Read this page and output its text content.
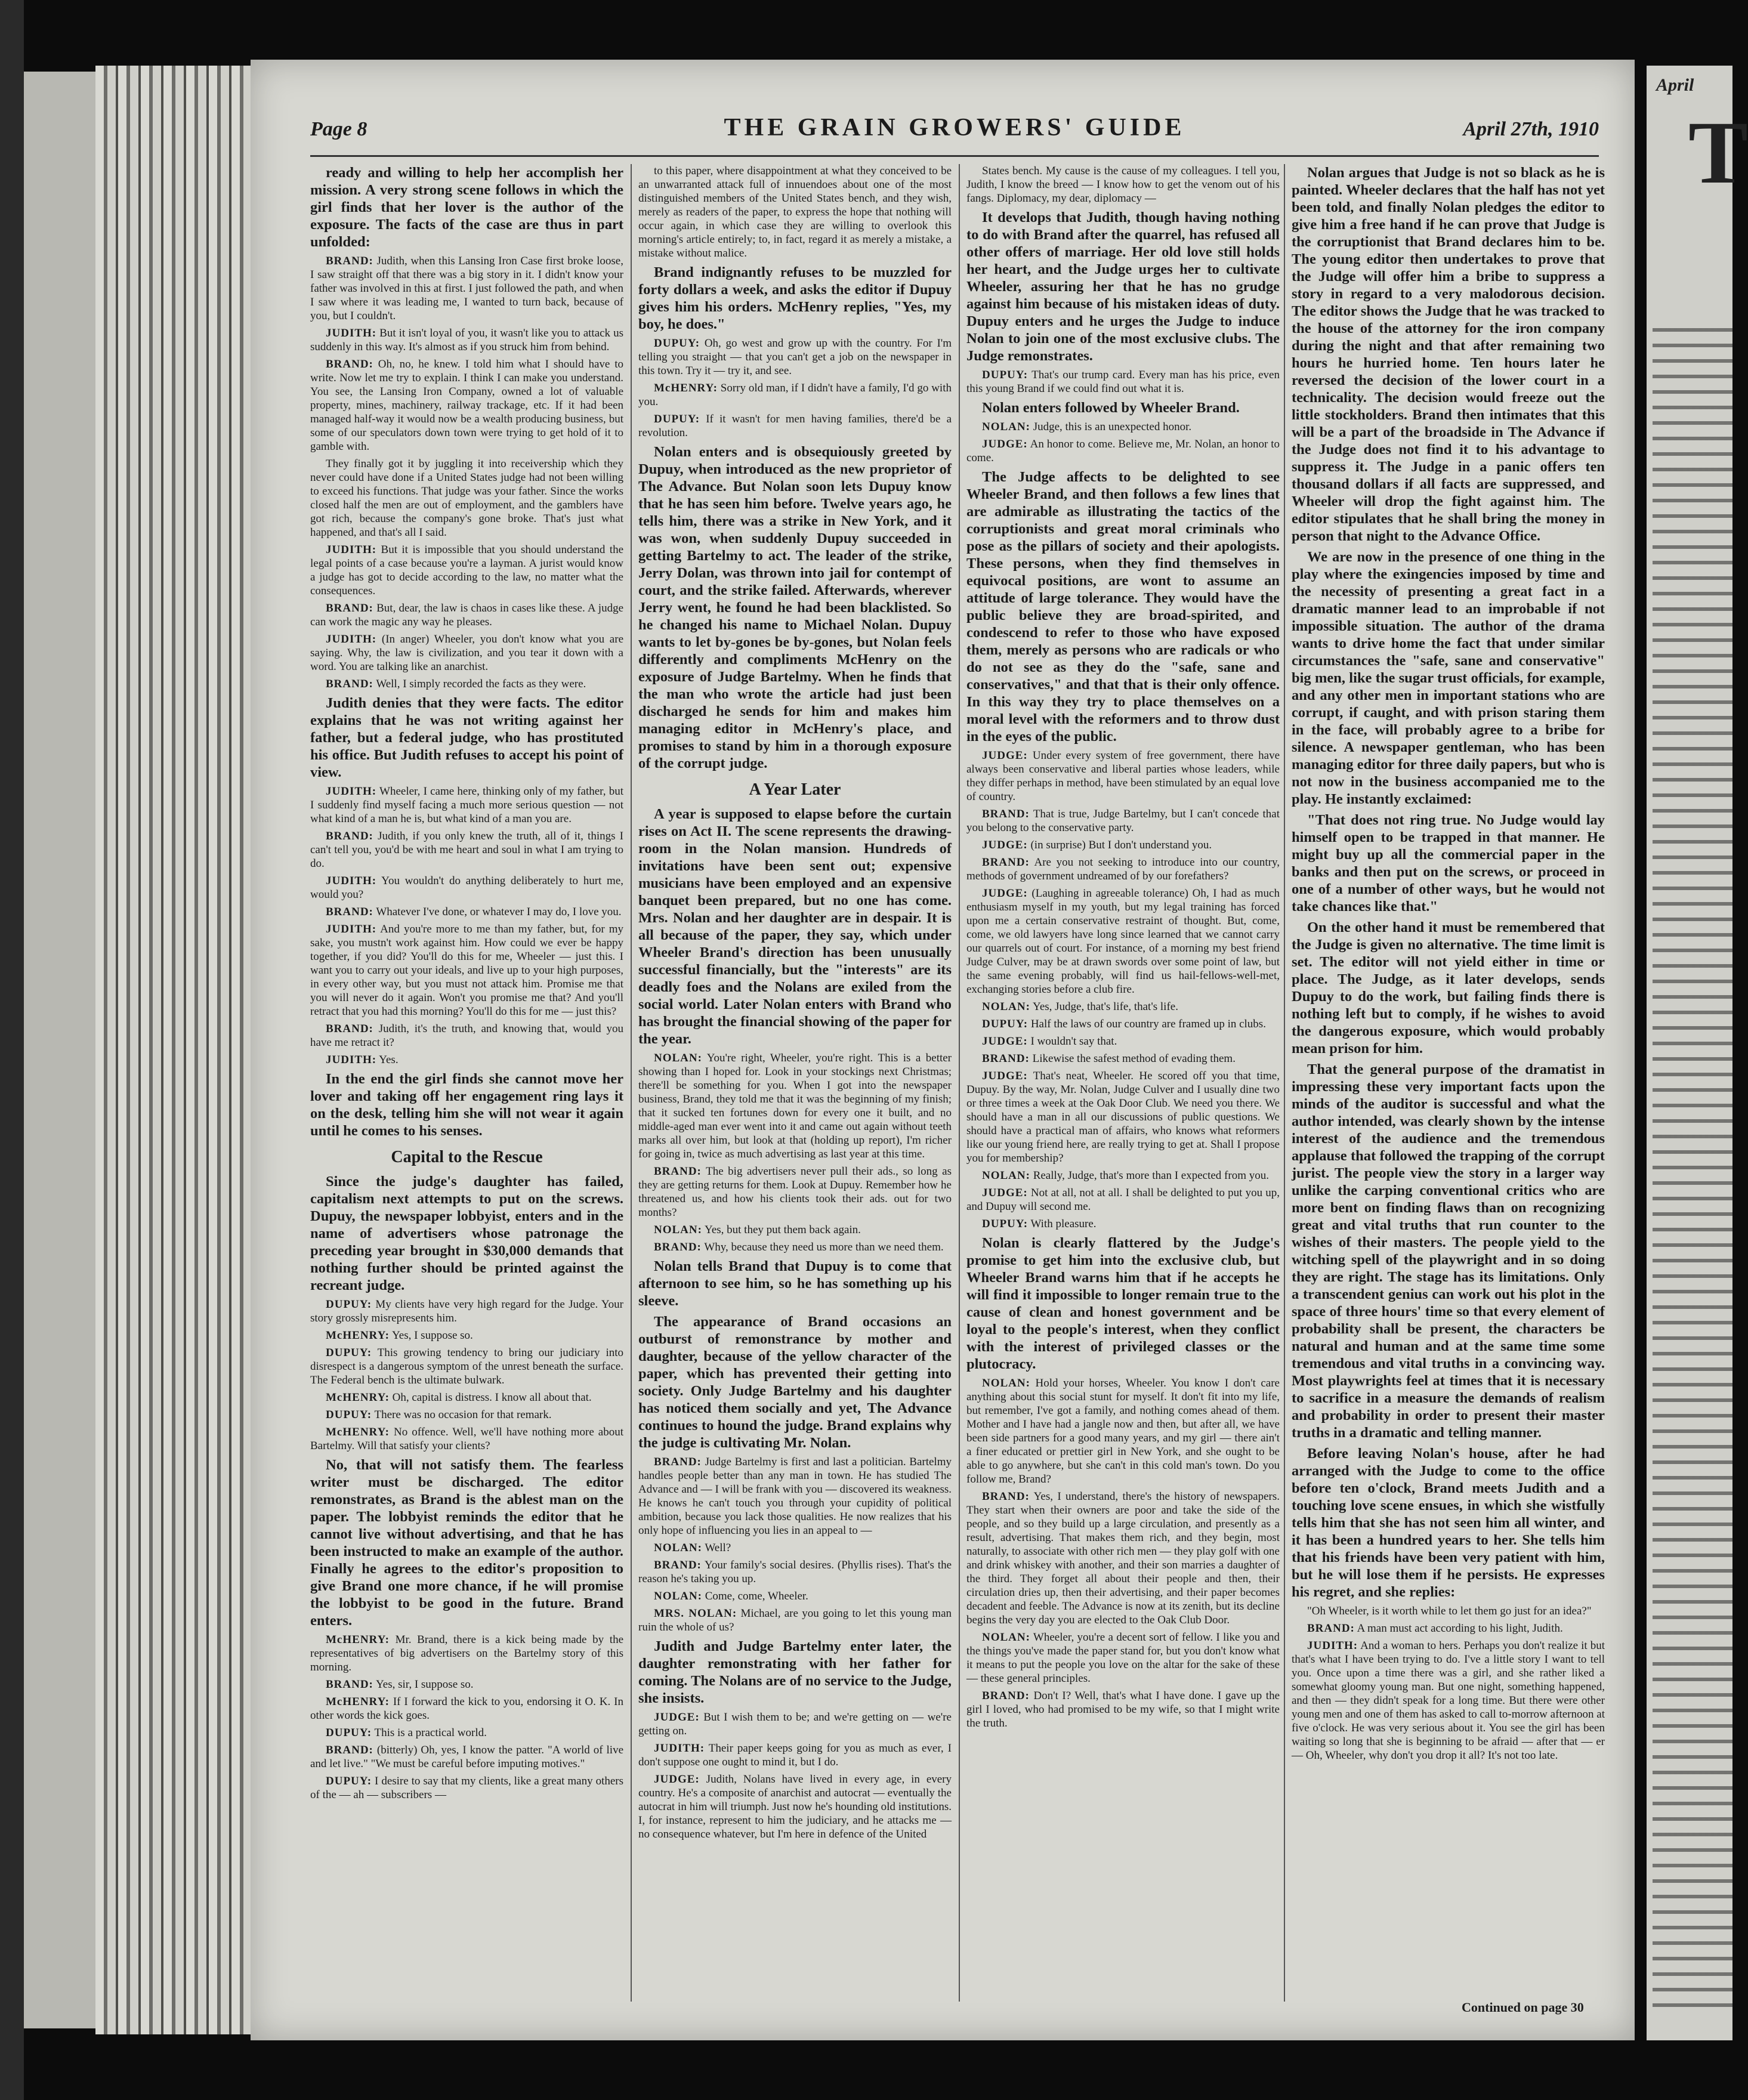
Page 8	THE GRAIN GROWERS' GUIDE	April 27th, 1910

ready and willing to help her accomplish her mission. A very strong scene follows in which the girl finds that her lover is the author of the exposure. The facts of the case are thus in part unfolded:

BRAND: Judith, when this Lansing Iron Case first broke loose, I saw straight off that there was a big story in it. I didn't know your father was involved in this at first. I just followed the path, and when I saw where it was leading me, I wanted to turn back, because of you, but I couldn't.

JUDITH: But it isn't loyal of you, it wasn't like you to attack us suddenly in this way. It's almost as if you struck him from behind.

BRAND: Oh, no, he knew. I told him what I should have to write. Now let me try to explain. I think I can make you understand. You see, the Lansing Iron Company, owned a lot of valuable property, mines, machinery, railway trackage, etc. If it had been managed half-way it would now be a wealth producing business, but some of our speculators down town were trying to get hold of it to gamble with.

They finally got it by juggling it into receivership which they never could have done if a United States judge had not been willing to exceed his functions. That judge was your father. Since the works closed half the men are out of employment, and the gamblers have got rich, because the company's gone broke. That's just what happened, and that's all I said.

JUDITH: But it is impossible that you should understand the legal points of a case because you're a layman. A jurist would know a judge has got to decide according to the law, no matter what the consequences.

BRAND: But, dear, the law is chaos in cases like these. A judge can work the magic any way he pleases.

JUDITH: (In anger) Wheeler, you don't know what you are saying. Why, the law is civilization, and you tear it down with a word. You are talking like an anarchist.

BRAND: Well, I simply recorded the facts as they were.

Judith denies that they were facts. The editor explains that he was not writing against her father, but a federal judge, who has prostituted his office. But Judith refuses to accept his point of view.

JUDITH: Wheeler, I came here, thinking only of my father, but I suddenly find myself facing a much more serious question — not what kind of a man he is, but what kind of a man you are.

BRAND: Judith, if you only knew the truth, all of it, things I can't tell you, you'd be with me heart and soul in what I am trying to do.

JUDITH: You wouldn't do anything deliberately to hurt me, would you?

BRAND: Whatever I've done, or whatever I may do, I love you.

JUDITH: And you're more to me than my father, but, for my sake, you mustn't work against him. How could we ever be happy together, if you did? You'll do this for me, Wheeler — just this. I want you to carry out your ideals, and live up to your high purposes, in every other way, but you must not attack him. Promise me that you will never do it again. Won't you promise me that? And you'll retract that you had this morning? You'll do this for me — just this?

BRAND: Judith, it's the truth, and knowing that, would you have me retract it?

JUDITH: Yes.

In the end the girl finds she cannot move her lover and taking off her engagement ring lays it on the desk, telling him she will not wear it again until he comes to his senses.

Capital to the Rescue

Since the judge's daughter has failed, capitalism next attempts to put on the screws. Dupuy, the newspaper lobbyist, enters and in the name of advertisers whose patronage the preceding year brought in $30,000 demands that nothing further should be printed against the recreant judge.

DUPUY: My clients have very high regard for the Judge. Your story grossly misrepresents him.

McHENRY: Yes, I suppose so.

DUPUY: This growing tendency to bring our judiciary into disrespect is a dangerous symptom of the unrest beneath the surface. The Federal bench is the ultimate bulwark.

McHENRY: Oh, capital is distress. I know all about that.

DUPUY: There was no occasion for that remark.

McHENRY: No offence. Well, we'll have nothing more about Bartelmy. Will that satisfy your clients?

No, that will not satisfy them. The fearless writer must be discharged. The editor remonstrates, as Brand is the ablest man on the paper. The lobbyist reminds the editor that he cannot live without advertising, and that he has been instructed to make an example of the author. Finally he agrees to the editor's proposition to give Brand one more chance, if he will promise the lobbyist to be good in the future. Brand enters.

McHENRY: Mr. Brand, there is a kick being made by the representatives of big advertisers on the Bartelmy story of this morning.

BRAND: Yes, sir, I suppose so.

McHENRY: If I forward the kick to you, endorsing it O. K. In other words the kick goes.

DUPUY: This is a practical world.

BRAND: (bitterly) Oh, yes, I know the patter. "A world of live and let live." "We must be careful before imputing motives."

DUPUY: I desire to say that my clients, like a great many others of the — ah — subscribers —

to this paper, where disappointment at what they conceived to be an unwarranted attack full of innuendoes about one of the most distinguished members of the United States bench, and they wish, merely as readers of the paper, to express the hope that nothing will occur again, in which case they are willing to overlook this morning's article entirely; to, in fact, regard it as merely a mistake, a mistake without malice.

Brand indignantly refuses to be muzzled for forty dollars a week, and asks the editor if Dupuy gives him his orders. McHenry replies, "Yes, my boy, he does."

DUPUY: Oh, go west and grow up with the country. For I'm telling you straight — that you can't get a job on the newspaper in this town. Try it — try it, and see.

McHENRY: Sorry old man, if I didn't have a family, I'd go with you.

DUPUY: If it wasn't for men having families, there'd be a revolution.

Nolan enters and is obsequiously greeted by Dupuy, when introduced as the new proprietor of The Advance. But Nolan soon lets Dupuy know that he has seen him before. Twelve years ago, he tells him, there was a strike in New York, and it was won, when suddenly Dupuy succeeded in getting Bartelmy to act. The leader of the strike, Jerry Dolan, was thrown into jail for contempt of court, and the strike failed. Afterwards, wherever Jerry went, he found he had been blacklisted. So he changed his name to Michael Nolan. Dupuy wants to let by-gones be by-gones, but Nolan feels differently and compliments McHenry on the exposure of Judge Bartelmy. When he finds that the man who wrote the article had just been discharged he sends for him and makes him managing editor in McHenry's place, and promises to stand by him in a thorough exposure of the corrupt judge.

A Year Later

A year is supposed to elapse before the curtain rises on Act II. The scene represents the drawing-room in the Nolan mansion. Hundreds of invitations have been sent out; expensive musicians have been employed and an expensive banquet been prepared, but no one has come. Mrs. Nolan and her daughter are in despair. It is all because of the paper, they say, which under Wheeler Brand's direction has been unusually successful financially, but the "interests" are its deadly foes and the Nolans are exiled from the social world. Later Nolan enters with Brand who has brought the financial showing of the paper for the year.

NOLAN: You're right, Wheeler, you're right. This is a better showing than I hoped for. Look in your stockings next Christmas; there'll be something for you. When I got into the newspaper business, Brand, they told me that it was the beginning of my finish; that it sucked ten fortunes down for every one it built, and no middle-aged man ever went into it and came out again without teeth marks all over him, but look at that (holding up report), I'm richer for going in, twice as much advertising as last year at this time.

BRAND: The big advertisers never pull their ads., so long as they are getting returns for them. Look at Dupuy. Remember how he threatened us, and how his clients took their ads. out for two months?

NOLAN: Yes, but they put them back again.

BRAND: Why, because they need us more than we need them.

Nolan tells Brand that Dupuy is to come that afternoon to see him, so he has something up his sleeve.

The appearance of Brand occasions an outburst of remonstrance by mother and daughter, because of the yellow character of the paper, which has prevented their getting into society. Only Judge Bartelmy and his daughter has noticed them socially and yet, The Advance continues to hound the judge. Brand explains why the judge is cultivating Mr. Nolan.

BRAND: Judge Bartelmy is first and last a politician. Bartelmy handles people better than any man in town. He has studied The Advance and — I will be frank with you — discovered its weakness. He knows he can't touch you through your cupidity of political ambition, because you lack those qualities. He now realizes that his only hope of influencing you lies in an appeal to —

NOLAN: Well?

BRAND: Your family's social desires. (Phyllis rises). That's the reason he's taking you up.

NOLAN: Come, come, Wheeler.

MRS. NOLAN: Michael, are you going to let this young man ruin the whole of us?

Judith and Judge Bartelmy enter later, the daughter remonstrating with her father for coming. The Nolans are of no service to the Judge, she insists.

JUDGE: But I wish them to be; and we're getting on — we're getting on.

JUDITH: Their paper keeps going for you as much as ever, I don't suppose one ought to mind it, but I do.

JUDGE: Judith, Nolans have lived in every age, in every country. He's a composite of anarchist and autocrat — eventually the autocrat in him will triumph. Just now he's hounding old institutions. I, for instance, represent to him the judiciary, and he attacks me — no consequence whatever, but I'm here in defence of the United

States bench. My cause is the cause of my colleagues. I tell you, Judith, I know the breed — I know how to get the venom out of his fangs. Diplomacy, my dear, diplomacy —

It develops that Judith, though having nothing to do with Brand after the quarrel, has refused all other offers of marriage. Her old love still holds her heart, and the Judge urges her to cultivate Wheeler, assuring her that he has no grudge against him because of his mistaken ideas of duty. Dupuy enters and he urges the Judge to induce Nolan to join one of the most exclusive clubs. The Judge remonstrates.

DUPUY: That's our trump card. Every man has his price, even this young Brand if we could find out what it is.

Nolan enters followed by Wheeler Brand.

NOLAN: Judge, this is an unexpected honor.

JUDGE: An honor to come. Believe me, Mr. Nolan, an honor to come.

The Judge affects to be delighted to see Wheeler Brand, and then follows a few lines that are admirable as illustrating the tactics of the corruptionists and great moral criminals who pose as the pillars of society and their apologists. These persons, when they find themselves in equivocal positions, are wont to assume an attitude of large tolerance. They would have the public believe they are broad-spirited, and condescend to refer to those who have exposed them, merely as persons who are radicals or who do not see as they do the "safe, sane and conservatives," and that that is their only offence. In this way they try to place themselves on a moral level with the reformers and to throw dust in the eyes of the public.

JUDGE: Under every system of free government, there have always been conservative and liberal parties whose leaders, while they differ perhaps in method, have been stimulated by an equal love of country.

BRAND: That is true, Judge Bartelmy, but I can't concede that you belong to the conservative party.

JUDGE: (in surprise) But I don't understand you.

BRAND: Are you not seeking to introduce into our country, methods of government undreamed of by our forefathers?

JUDGE: (Laughing in agreeable tolerance) Oh, I had as much enthusiasm myself in my youth, but my legal training has forced upon me a certain conservative restraint of thought. But, come, come, we old lawyers have long since learned that we cannot carry our quarrels out of court. For instance, of a morning my best friend Judge Culver, may be at drawn swords over some point of law, but the same evening probably, will find us hail-fellows-well-met, exchanging stories before a club fire.

NOLAN: Yes, Judge, that's life, that's life.

DUPUY: Half the laws of our country are framed up in clubs.

JUDGE: I wouldn't say that.

BRAND: Likewise the safest method of evading them.

JUDGE: That's neat, Wheeler. He scored off you that time, Dupuy. By the way, Mr. Nolan, Judge Culver and I usually dine two or three times a week at the Oak Door Club. We need you there. We should have a man in all our discussions of public questions. We should have a practical man of affairs, who knows what reformers like our young friend here, are really trying to get at. Shall I propose you for membership?

NOLAN: Really, Judge, that's more than I expected from you.

JUDGE: Not at all, not at all. I shall be delighted to put you up, and Dupuy will second me.

DUPUY: With pleasure.

Nolan is clearly flattered by the Judge's promise to get him into the exclusive club, but Wheeler Brand warns him that if he accepts he will find it impossible to longer remain true to the cause of clean and honest government and be loyal to the people's interest, when they conflict with the interest of privileged classes or the plutocracy.

NOLAN: Hold your horses, Wheeler. You know I don't care anything about this social stunt for myself. It don't fit into my life, but remember, I've got a family, and nothing comes ahead of them. Mother and I have had a jangle now and then, but after all, we have been side partners for a good many years, and my girl — there ain't a finer educated or prettier girl in New York, and she ought to be able to go anywhere, but she can't in this cold man's town. Do you follow me, Brand?

BRAND: Yes, I understand, there's the history of newspapers. They start when their owners are poor and take the side of the people, and so they build up a large circulation, and presently as a result, advertising. That makes them rich, and they begin, most naturally, to associate with other rich men — they play golf with one and drink whiskey with another, and their son marries a daughter of the third. They forget all about their people and then, their circulation dries up, then their advertising, and their paper becomes decadent and feeble. The Advance is now at its zenith, but its decline begins the very day you are elected to the Oak Club Door.

NOLAN: Wheeler, you're a decent sort of fellow. I like you and the things you've made the paper stand for, but you don't know what it means to put the people you love on the altar for the sake of these — these general principles.

BRAND: Don't I? Well, that's what I have done. I gave up the girl I loved, who had promised to be my wife, so that I might write the truth.

Nolan argues that Judge is not so black as he is painted. Wheeler declares that the half has not yet been told, and finally Nolan pledges the editor to give him a free hand if he can prove that Judge is the corruptionist that Brand declares him to be. The young editor then undertakes to prove that the Judge will offer him a bribe to suppress a story in regard to a very malodorous decision. The editor shows the Judge that he was tracked to the house of the attorney for the iron company during the night and that after remaining two hours he hurried home. Ten hours later he reversed the decision of the lower court in a technicality. The decision would freeze out the little stockholders. Brand then intimates that this will be a part of the broadside in The Advance if the Judge does not find it to his advantage to suppress it. The Judge in a panic offers ten thousand dollars if all facts are suppressed, and Wheeler will drop the fight against him. The editor stipulates that he shall bring the money in person that night to the Advance Office.

We are now in the presence of one thing in the play where the exingencies imposed by time and the necessity of presenting a great fact in a dramatic manner lead to an improbable if not impossible situation. The author of the drama wants to drive home the fact that under similar circumstances the "safe, sane and conservative" big men, like the sugar trust officials, for example, and any other men in important stations who are corrupt, if caught, and with prison staring them in the face, will probably agree to a bribe for silence. A newspaper gentleman, who has been managing editor for three daily papers, but who is not now in the business accompanied me to the play. He instantly exclaimed:

"That does not ring true. No Judge would lay himself open to be trapped in that manner. He might buy up all the commercial paper in the banks and then put on the screws, or proceed in one of a number of other ways, but he would not take chances like that."

On the other hand it must be remembered that the Judge is given no alternative. The time limit is set. The editor will not yield either in time or place. The Judge, as it later develops, sends Dupuy to do the work, but failing finds there is nothing left but to comply, if he wishes to avoid the dangerous exposure, which would probably mean prison for him.

That the general purpose of the dramatist in impressing these very important facts upon the minds of the auditor is successful and what the author intended, was clearly shown by the intense interest of the audience and the tremendous applause that followed the trapping of the corrupt jurist. The people view the story in a larger way unlike the carping conventional critics who are more bent on finding flaws than on recognizing great and vital truths that run counter to the wishes of their masters. The people yield to the witching spell of the playwright and in so doing they are right. The stage has its limitations. Only a transcendent genius can work out his plot in the space of three hours' time so that every element of probability shall be present, the characters be natural and human and at the same time some tremendous and vital truths in a convincing way. Most playwrights feel at times that it is necessary to sacrifice in a measure the demands of realism and probability in order to present their master truths in a dramatic and telling manner.

Before leaving Nolan's house, after he had arranged with the Judge to come to the office before ten o'clock, Brand meets Judith and a touching love scene ensues, in which she wistfully tells him that she has not seen him all winter, and it has been a hundred years to her. She tells him that his friends have been very patient with him, but he will lose them if he persists. He expresses his regret, and she replies:

"Oh Wheeler, is it worth while to let them go just for an idea?"

BRAND: A man must act according to his light, Judith.

JUDITH: And a woman to hers. Perhaps you don't realize it but that's what I have been trying to do. I've a little story I want to tell you. Once upon a time there was a girl, and she rather liked a somewhat gloomy young man. But one night, something happened, and then — they didn't speak for a long time. But there were other young men and one of them has asked to call to-morrow afternoon at five o'clock. He was very serious about it. You see the girl has been waiting so long that she is beginning to be afraid — after that — er — Oh, Wheeler, why don't you drop it all? It's not too late.

Continued on page 30
April
T
